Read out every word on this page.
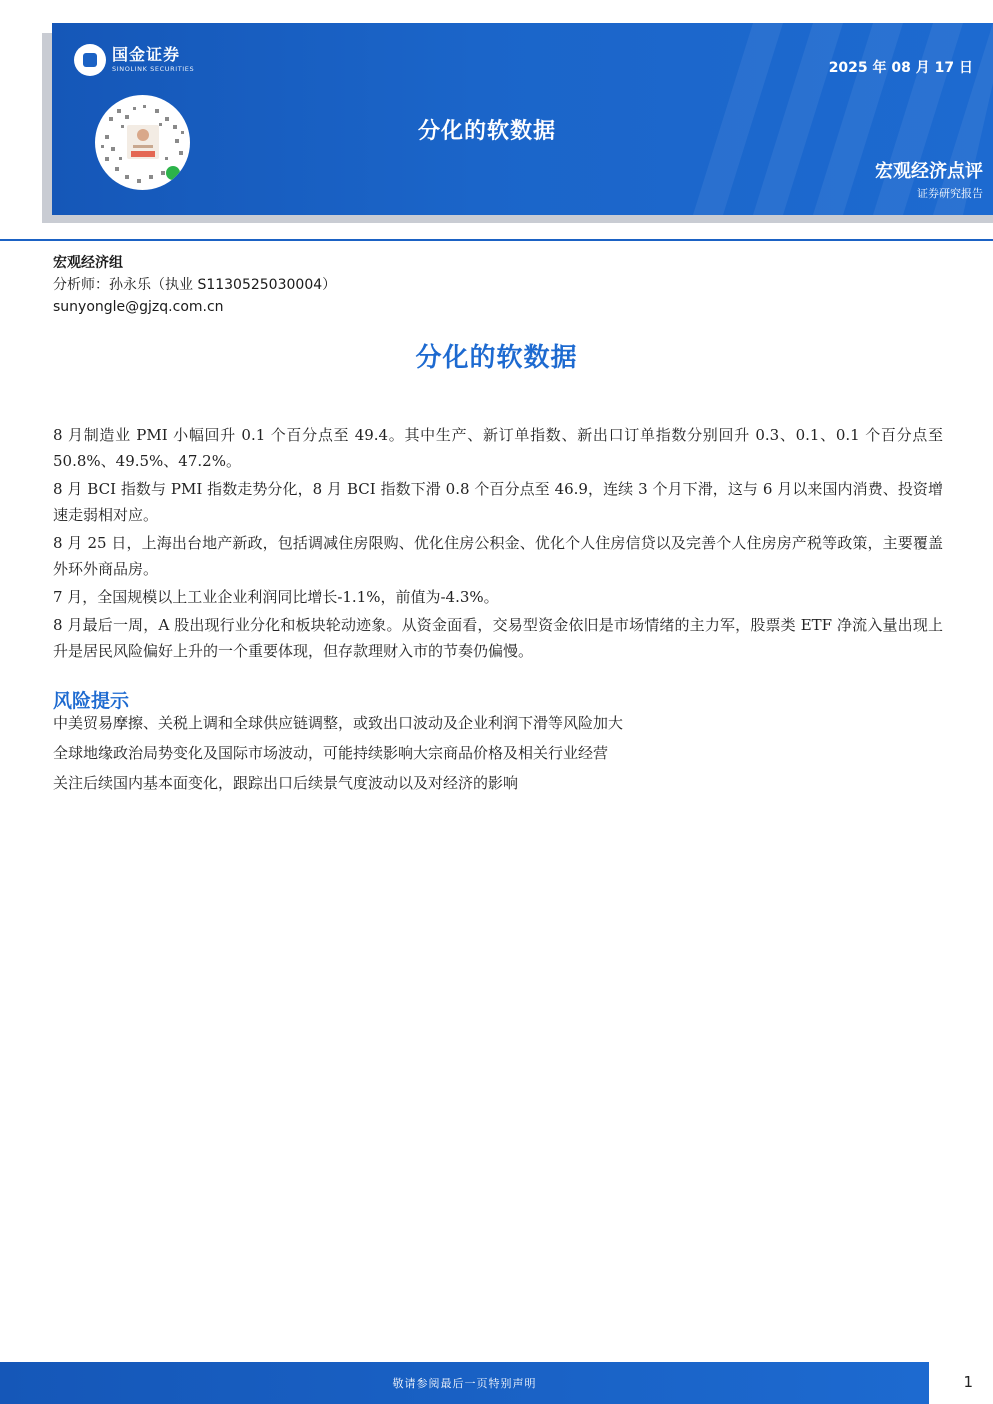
国金证券
SINOLINK SECURITIES	2025 年 08 月 17 日
分化的软数据
宏观经济点评
证券研究报告
宏观经济组
分析师：孙永乐（执业 S1130525030004）
sunyongle@gjzq.com.cn
分化的软数据

8 月制造业 PMI 小幅回升 0.1 个百分点至 49.4。其中生产、新订单指数、新出口订单指数分别回升 0.3、0.1、0.1 个百分点至 50.8%、49.5%、47.2%。

8 月 BCI 指数与 PMI 指数走势分化，8 月 BCI 指数下滑 0.8 个百分点至 46.9，连续 3 个月下滑，这与 6 月以来国内消费、投资增速走弱相对应。

8 月 25 日，上海出台地产新政，包括调减住房限购、优化住房公积金、优化个人住房信贷以及完善个人住房房产税等政策，主要覆盖外环外商品房。

7 月，全国规模以上工业企业利润同比增长-1.1%，前值为-4.3%。

8 月最后一周，A 股出现行业分化和板块轮动迹象。从资金面看，交易型资金依旧是市场情绪的主力军，股票类 ETF 净流入量出现上升是居民风险偏好上升的一个重要体现，但存款理财入市的节奏仍偏慢。

风险提示
中美贸易摩擦、关税上调和全球供应链调整，或致出口波动及企业利润下滑等风险加大
全球地缘政治局势变化及国际市场波动，可能持续影响大宗商品价格及相关行业经营
关注后续国内基本面变化，跟踪出口后续景气度波动以及对经济的影响
敬请参阅最后一页特别声明	1
